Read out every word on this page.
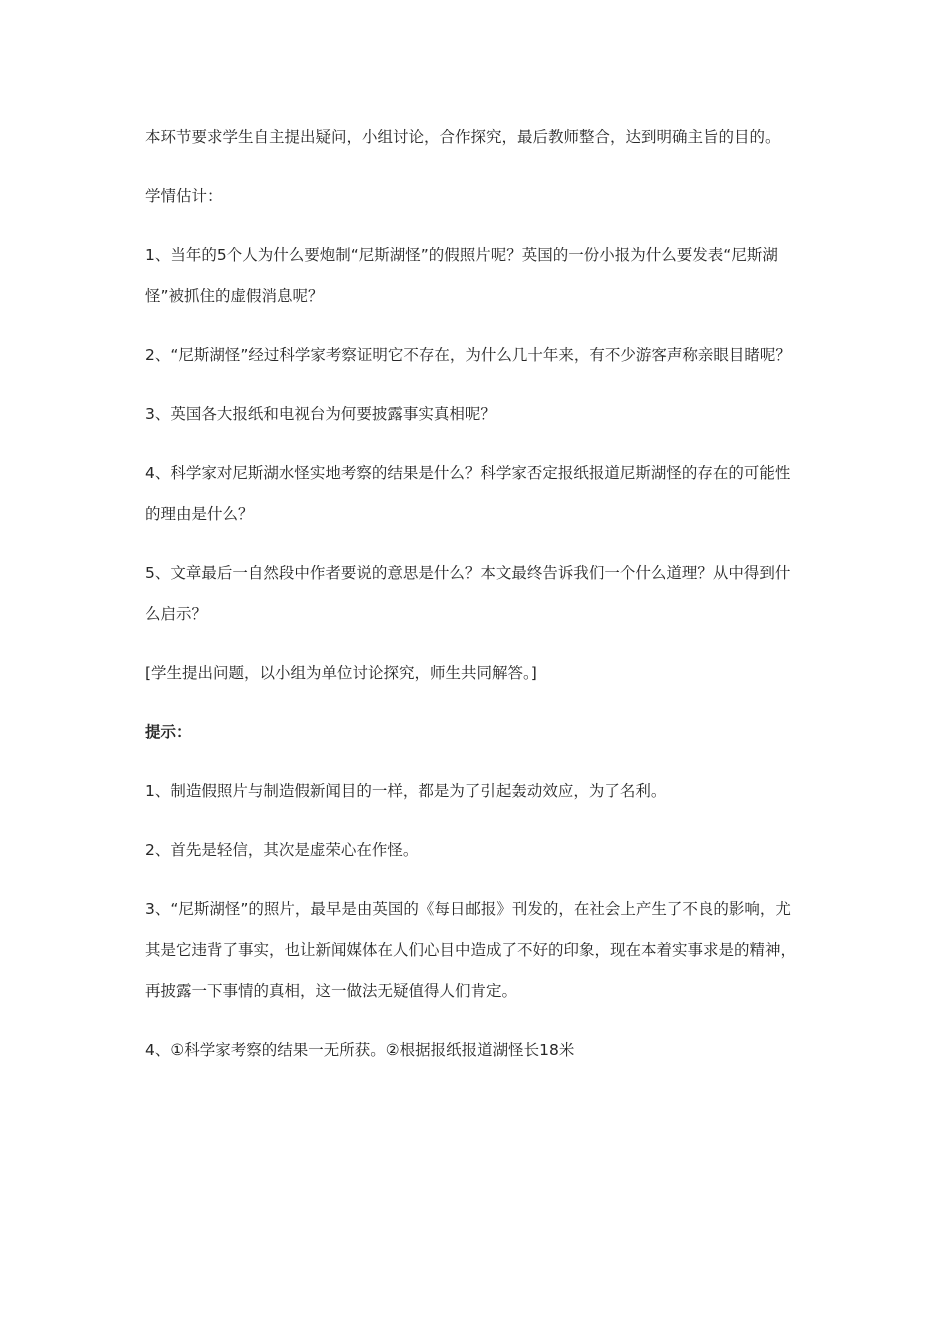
本环节要求学生自主提出疑问，小组讨论，合作探究，最后教师整合，达到明确主旨的目的。

学情估计：

1、当年的5个人为什么要炮制“尼斯湖怪”的假照片呢？英国的一份小报为什么要发表“尼斯湖怪”被抓住的虚假消息呢？

2、“尼斯湖怪”经过科学家考察证明它不存在，为什么几十年来，有不少游客声称亲眼目睹呢？

3、英国各大报纸和电视台为何要披露事实真相呢？

4、科学家对尼斯湖水怪实地考察的结果是什么？科学家否定报纸报道尼斯湖怪的存在的可能性的理由是什么？

5、文章最后一自然段中作者要说的意思是什么？本文最终告诉我们一个什么道理？从中得到什么启示？

[学生提出问题，以小组为单位讨论探究，师生共同解答。]

提示：

1、制造假照片与制造假新闻目的一样，都是为了引起轰动效应，为了名利。

2、首先是轻信，其次是虚荣心在作怪。

3、“尼斯湖怪”的照片，最早是由英国的《每日邮报》刊发的，在社会上产生了不良的影响，尤其是它违背了事实，也让新闻媒体在人们心目中造成了不好的印象，现在本着实事求是的精神，再披露一下事情的真相，这一做法无疑值得人们肯定。

4、①科学家考察的结果一无所获。②根据报纸报道湖怪长18米
